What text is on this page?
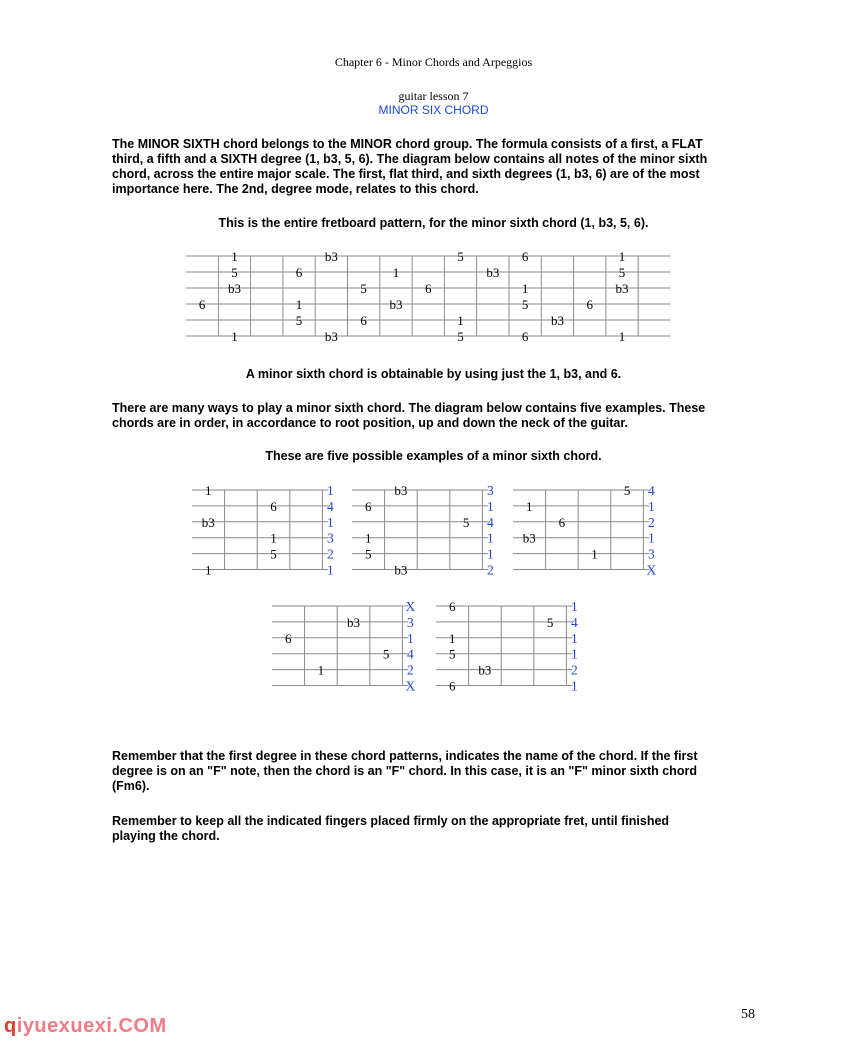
Chapter 6 - Minor Chords and Arpeggios
guitar lesson 7
MINOR SIX CHORD
The MINOR SIXTH chord belongs to the MINOR chord group. The formula consists of a first, a FLAT
third, a fifth and a SIXTH degree (1, b3, 5, 6). The diagram below contains all notes of the minor sixth
chord, across the entire major scale. The first, flat third, and sixth degrees (1, b3, 6) are of the most
importance here. The 2nd, degree mode, relates to this chord.
This is the entire fretboard pattern, for the minor sixth chord (1, b3, 5, 6).
1	b3	5	6	1
5	6	1	b3	5
b3	5	6	1	b3
6	1	b3	5	6
5	6	1	b3
1	b3	5	6	1
1
6
b3
1
5
1
1
4
1
3
2
1
b3
6
5
1
5
b3
3
1
4
1
1
2
5
1
6
b3
1
4
1
2
1
3
X
b3
6
5
1
X
3
1
4
2
X
6
5
1
5
b3
6
1
4
1
1
2
1
A minor sixth chord is obtainable by using just the 1, b3, and 6.
There are many ways to play a minor sixth chord. The diagram below contains five examples. These
chords are in order, in accordance to root position, up and down the neck of the guitar.
These are five possible examples of a minor sixth chord.
Remember that the first degree in these chord patterns, indicates the name of the chord. If the first
degree is on an "F" note, then the chord is an "F" chord. In this case, it is an "F" minor sixth chord
(Fm6).
Remember to keep all the indicated fingers placed firmly on the appropriate fret, until finished
playing the chord.
58
qiyuexuexi.COM
